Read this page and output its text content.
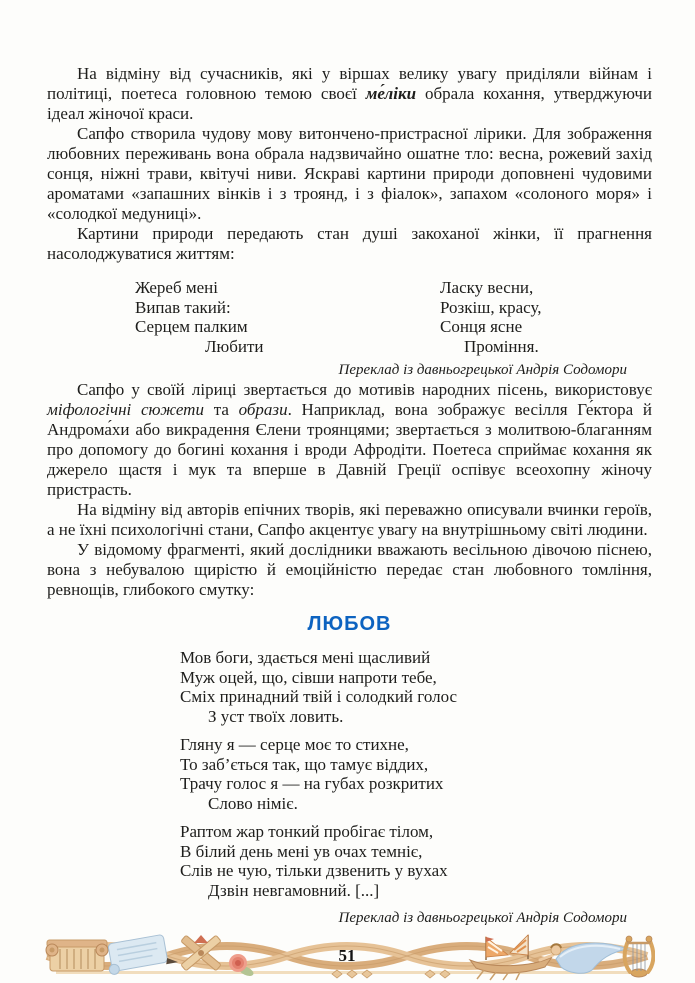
На відміну від сучасників, які у віршах велику увагу приділяли війнам і політиці, поетеса головною темою своєї ме́ліки обрала кохання, утверджуючи ідеал жіночої краси.

Сапфо створила чудову мову витончено-пристрасної лірики. Для зображення любовних переживань вона обрала надзвичайно ошатне тло: весна, рожевий захід сонця, ніжні трави, квітучі ниви. Яскраві картини природи доповнені чудовими ароматами «запашних вінків і з троянд, і з фіалок», запахом «солоного моря» і «солодкої медуниці».

Картини природи передають стан душі закоханої жінки, її прагнення насолоджуватися життям:

Жереб мені
Випав такий:
Серцем палким
Любити
Ласку весни,
Розкіш, красу,
Сонця ясне
Проміння.
Переклад із давньогрецької Андрія Содомори

Сапфо у своїй ліриці звертається до мотивів народних пісень, використовує міфологічні сюжети та образи. Наприклад, вона зображує весілля Ге́ктора й Андрома́хи або викрадення Єлени троянцями; звертається з молитвою-благанням про допомогу до богині кохання і вроди Афродіти. Поетеса сприймає кохання як джерело щастя і мук та вперше в Давній Греції оспівує всеохопну жіночу пристрасть.

На відміну від авторів епічних творів, які переважно описували вчинки героїв, а не їхні психологічні стани, Сапфо акцентує увагу на внутрішньому світі людини.

У відомому фрагменті, який дослідники вважають весільною дівочою піснею, вона з небувалою щирістю й емоційністю передає стан любовного томління, ревнощів, глибокого смутку:

ЛЮБОВ
Мов боги, здається мені щасливий
Муж оцей, що, сівши напроти тебе,
Сміх принадний твій і солодкий голос
З уст твоїх ловить.
Гляну я — серце моє то стихне,
То заб’ється так, що тамує віддих,
Трачу голос я — на губах розкритих
Слово німіє.
Раптом жар тонкий пробігає тілом,
В білий день мені ув очах темніє,
Слів не чую, тільки дзвенить у вухах
Дзвін невгамовний. [...]
Переклад із давньогрецької Андрія Содомори
51
